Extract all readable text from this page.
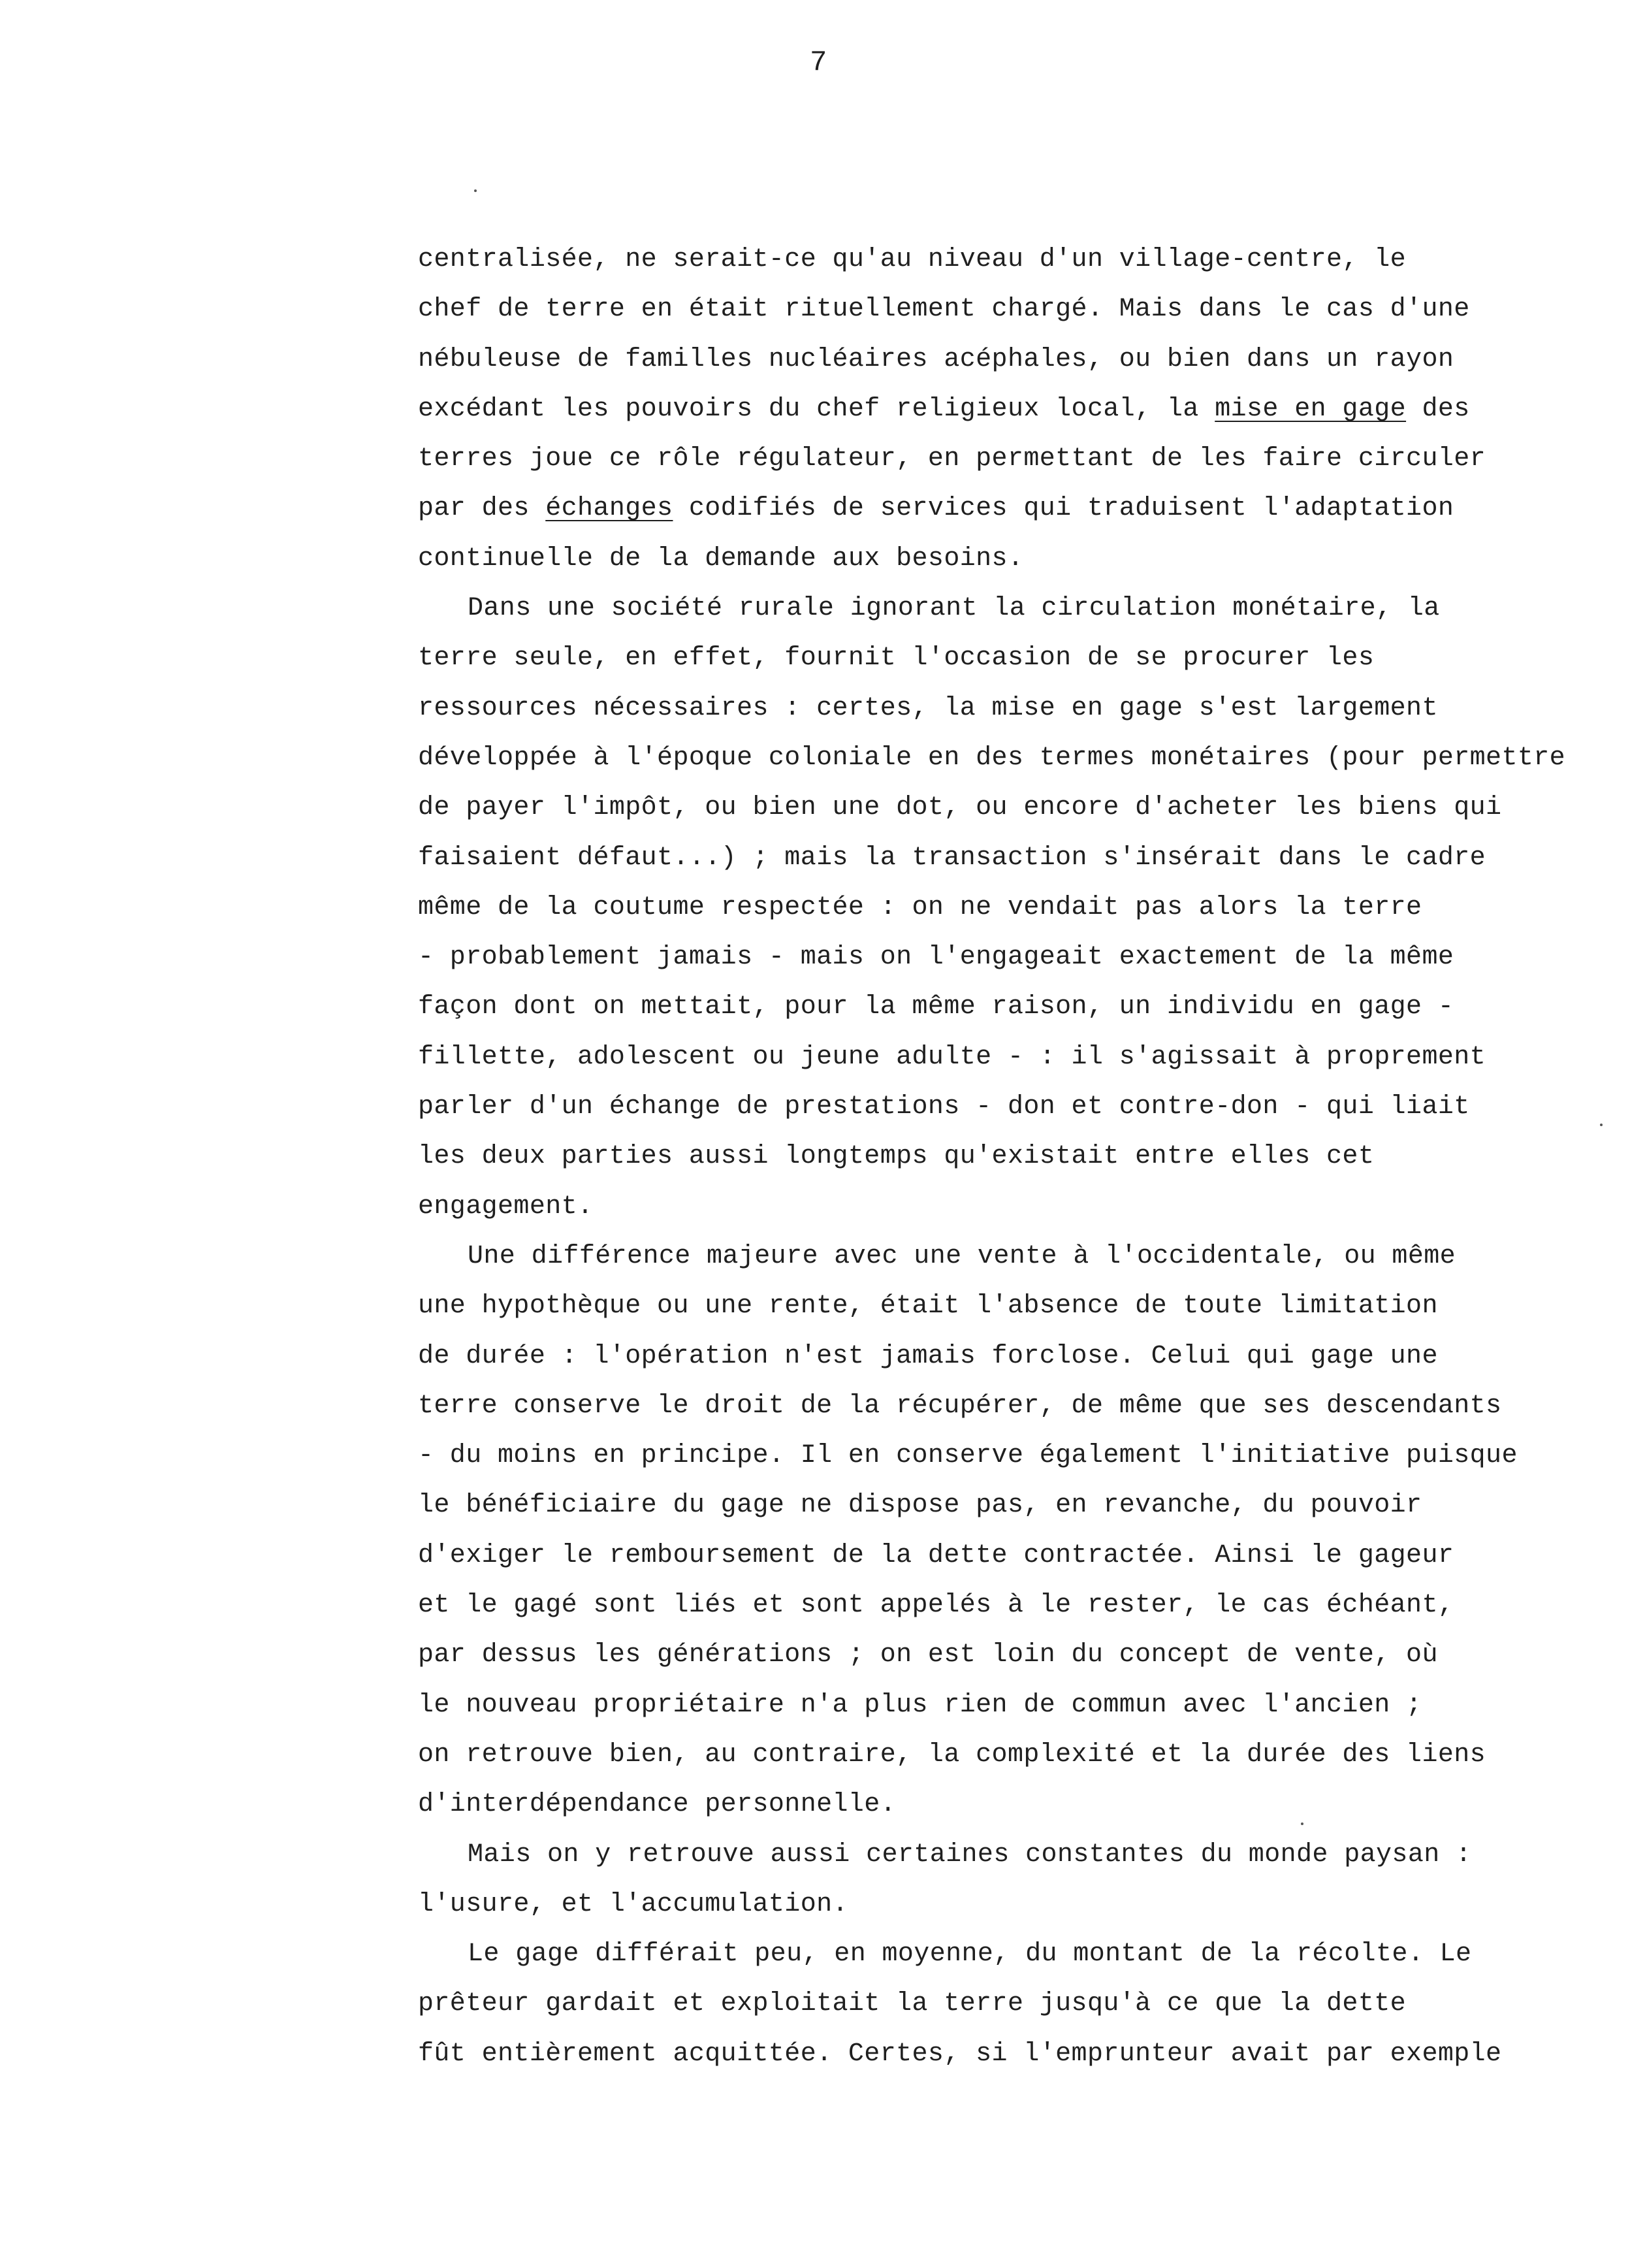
7
centralisée, ne serait-ce qu'au niveau d'un village-centre, le
chef de terre en était rituellement chargé. Mais dans le cas d'une
nébuleuse de familles nucléaires acéphales, ou bien dans un rayon
excédant les pouvoirs du chef religieux local, la mise en gage des
terres joue ce rôle régulateur, en permettant de les faire circuler
par des échanges codifiés de services qui traduisent l'adaptation
continuelle de la demande aux besoins.
Dans une société rurale ignorant la circulation monétaire, la
terre seule, en effet, fournit l'occasion de se procurer les
ressources nécessaires : certes, la mise en gage s'est largement
développée à l'époque coloniale en des termes monétaires (pour permettre
de payer l'impôt, ou bien une dot, ou encore d'acheter les biens qui
faisaient défaut...) ; mais la transaction s'insérait dans le cadre
même de la coutume respectée : on ne vendait pas alors la terre
- probablement jamais - mais on l'engageait exactement de la même
façon dont on mettait, pour la même raison, un individu en gage -
fillette, adolescent ou jeune adulte - : il s'agissait à proprement
parler d'un échange de prestations - don et contre-don - qui liait
les deux parties aussi longtemps qu'existait entre elles cet
engagement.
Une différence majeure avec une vente à l'occidentale, ou même
une hypothèque ou une rente, était l'absence de toute limitation
de durée : l'opération n'est jamais forclose. Celui qui gage une
terre conserve le droit de la récupérer, de même que ses descendants
- du moins en principe. Il en conserve également l'initiative puisque
le bénéficiaire du gage ne dispose pas, en revanche, du pouvoir
d'exiger le remboursement de la dette contractée. Ainsi le gageur
et le gagé sont liés et sont appelés à le rester, le cas échéant,
par dessus les générations ; on est loin du concept de vente, où
le nouveau propriétaire n'a plus rien de commun avec l'ancien ;
on retrouve bien, au contraire, la complexité et la durée des liens
d'interdépendance personnelle.
Mais on y retrouve aussi certaines constantes du monde paysan :
l'usure, et l'accumulation.
Le gage différait peu, en moyenne, du montant de la récolte. Le
prêteur gardait et exploitait la terre jusqu'à ce que la dette
fût entièrement acquittée. Certes, si l'emprunteur avait par exemple
